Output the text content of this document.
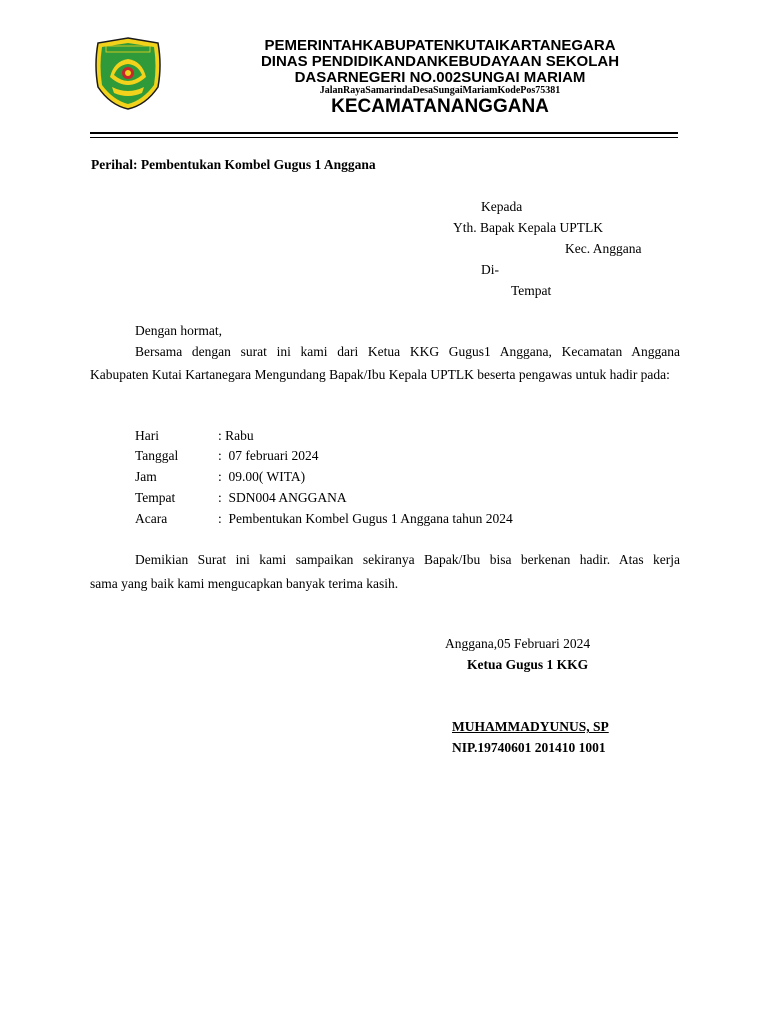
PEMERINTAHKABUPATENKUTAIKARTANEGARA
DINAS PENDIDIKANDANKEBUDAYAAN SEKOLAH
DASARNEGERI NO.002SUNGAI MARIAM
JalanRayaSamarindaDesaSungaiMariamKodePos75381
KECAMATANANGGANA
Perihal: Pembentukan Kombel Gugus 1 Anggana
Kepada
Yth. Bapak Kepala UPTLK
Kec. Anggana
Di-
Tempat
Dengan hormat,
Bersama dengan surat ini kami dari Ketua KKG Gugus1 Anggana, Kecamatan Anggana
Kabupaten Kutai Kartanegara Mengundang Bapak/Ibu Kepala UPTLK beserta pengawas untuk hadir pada:
Hari	: Rabu
Tanggal	:  07 februari 2024
Jam	:  09.00( WITA)
Tempat	:  SDN004 ANGGANA
Acara	:  Pembentukan Kombel Gugus 1 Anggana tahun 2024
Demikian Surat ini kami sampaikan sekiranya Bapak/Ibu bisa berkenan hadir. Atas kerja
sama yang baik kami mengucapkan banyak terima kasih.
Anggana,05 Februari 2024
Ketua Gugus 1 KKG
MUHAMMADYUNUS, SP
NIP.19740601 201410 1001
